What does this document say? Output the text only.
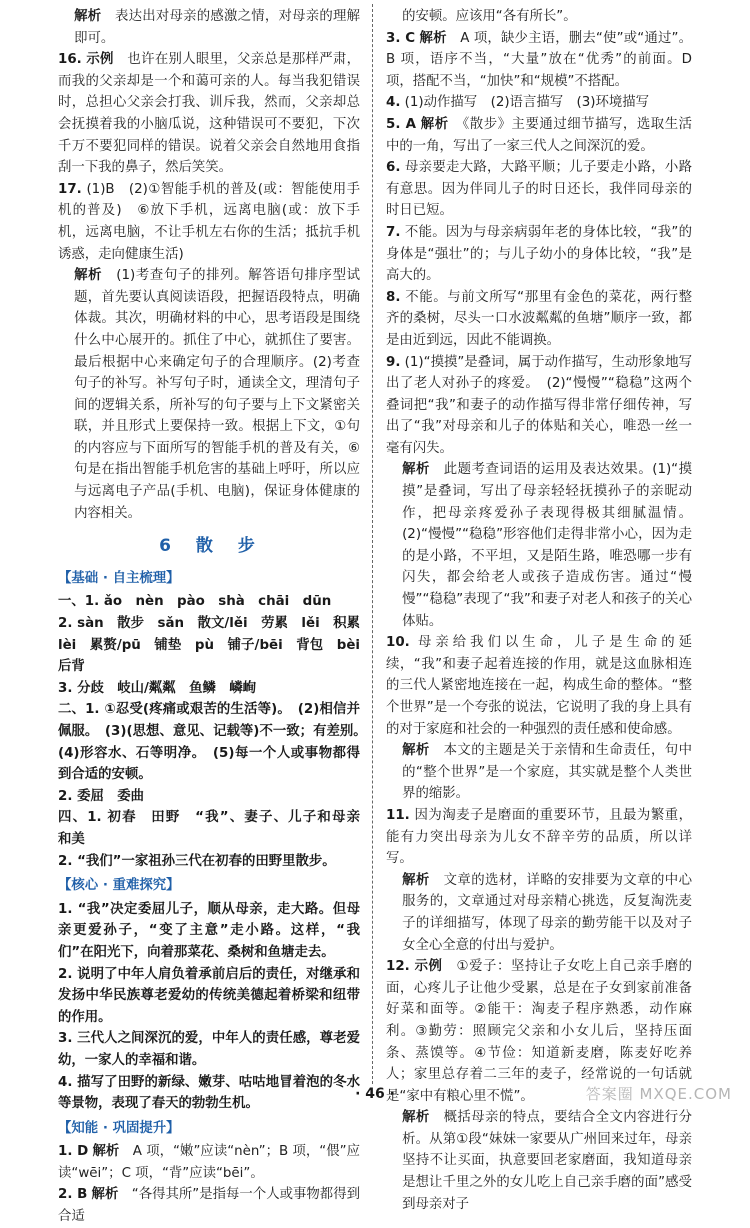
解析　 表达出对母亲的感激之情，对母亲的理解即可。

16. 示例　 也许在别人眼里，父亲总是那样严肃，而我的父亲却是一个和蔼可亲的人。每当我犯错误时，总担心父亲会打我、训斥我，然而，父亲却总会抚摸着我的小脑瓜说，这种错误可不要犯，下次千万不要犯同样的错误。说着父亲会自然地用食指刮一下我的鼻子，然后笑笑。

17. (1)B　(2)①智能手机的普及(或：智能使用手机的普及)　⑥放下手机，远离电脑(或：放下手机，远离电脑，不让手机左右你的生活；抵抗手机诱惑，走向健康生活)

解析　 (1)考查句子的排列。解答语句排序型试题，首先要认真阅读语段，把握语段特点，明确体裁。其次，明确材料的中心，思考语段是围绕什么中心展开的。抓住了中心，就抓住了要害。最后根据中心来确定句子的合理顺序。(2)考查句子的补写。补写句子时，通读全文，理清句子间的逻辑关系，所补写的句子要与上下文紧密关联，并且形式上要保持一致。根据上下文，①句的内容应与下面所写的智能手机的普及有关，⑥句是在指出智能手机危害的基础上呼吁，所以应与远离电子产品(手机、电脑)，保证身体健康的内容相关。

6　散　步
【基础 · 自主梳理】

一、1. ǎo　nèn　pào　shà　chāi　dūn

2. sàn　散步　sǎn　散文/lěi　劳累　lěi　积累　lèi　累赘/pū　铺垫　pù　铺子/bēi　背包　bèi　后背

3. 分歧　岐山/粼粼　鱼鳞　嶙峋

二、1. ①忍受(疼痛或艰苦的生活等)。　(2)相信并佩服。　(3)(思想、意见、记载等)不一致；有差别。　(4)形容水、石等明净。　(5)每一个人或事物都得到合适的安顿。

2. 委屈　委曲

四、1. 初春　田野　“我”、妻子、儿子和母亲　和美

2. “我们”一家祖孙三代在初春的田野里散步。

【核心 · 重难探究】

1. “我”决定委屈儿子，顺从母亲，走大路。但母亲更爱孙子，“变了主意”走小路。这样，“我们”在阳光下，向着那菜花、桑树和鱼塘走去。

2. 说明了中年人肩负着承前启后的责任，对继承和发扬中华民族尊老爱幼的传统美德起着桥梁和纽带的作用。

3. 三代人之间深沉的爱，中年人的责任感，尊老爱幼，一家人的幸福和谐。

4. 描写了田野的新绿、嫩芽、咕咕地冒着泡的冬水等景物，表现了春天的勃勃生机。

【知能 · 巩固提升】

1. D 解析　 A 项，“嫩”应读“nèn”；B 项，“偎”应读“wēi”；C 项，“背”应读“bēi”。

2. B 解析　 “各得其所”是指每一个人或事物都得到合适

的安顿。应该用“各有所长”。

3. C 解析　 A 项，缺少主语，删去“使”或“通过”。B 项，语序不当，“大量”放在“优秀”的前面。D 项，搭配不当，“加快”和“规模”不搭配。

4. (1)动作描写　(2)语言描写　(3)环境描写

5. A 解析　 《散步》主要通过细节描写，选取生活中的一角，写出了一家三代人之间深沉的爱。

6. 母亲要走大路，大路平顺；儿子要走小路，小路有意思。因为伴同儿子的时日还长，我伴同母亲的时日已短。

7. 不能。因为与母亲病弱年老的身体比较，“我”的身体是“强壮”的；与儿子幼小的身体比较，“我”是高大的。

8. 不能。与前文所写“那里有金色的菜花，两行整齐的桑树，尽头一口水波粼粼的鱼塘”顺序一致，都是由近到远，因此不能调换。

9. (1)“摸摸”是叠词，属于动作描写，生动形象地写出了老人对孙子的疼爱。　(2)“慢慢”“稳稳”这两个叠词把“我”和妻子的动作描写得非常仔细传神，写出了“我”对母亲和儿子的体贴和关心，唯恐一丝一毫有闪失。

解析　 此题考查词语的运用及表达效果。(1)“摸摸”是叠词，写出了母亲轻轻抚摸孙子的亲昵动作，把母亲疼爱孙子表现得极其细腻温情。(2)“慢慢”“稳稳”形容他们走得非常小心，因为走的是小路，不平坦，又是陌生路，唯恐哪一步有闪失，都会给老人或孩子造成伤害。通过“慢慢”“稳稳”表现了“我”和妻子对老人和孩子的关心体贴。

10. 母亲给我们以生命，儿子是生命的延续，“我”和妻子起着连接的作用，就是这血脉相连的三代人紧密地连接在一起，构成生命的整体。“整个世界”是一个夸张的说法，它说明了我的身上具有的对于家庭和社会的一种强烈的责任感和使命感。

解析　 本文的主题是关于亲情和生命责任，句中的“整个世界”是一个家庭，其实就是整个人类世界的缩影。

11. 因为淘麦子是磨面的重要环节，且最为繁重，能有力突出母亲为儿女不辞辛劳的品质，所以详写。

解析　 文章的选材，详略的安排要为文章的中心服务的，文章通过对母亲精心挑选，反复淘洗麦子的详细描写，体现了母亲的勤劳能干以及对子女全心全意的付出与爱护。

12. 示例　 ①爱子：坚持让子女吃上自己亲手磨的面，心疼儿子让他少受累，总是在子女到家前准备好菜和面等。②能干：淘麦子程序熟悉，动作麻利。③勤劳：照顾完父亲和小女儿后，坚持压面条、蒸馍等。④节俭：知道新麦磨，陈麦好吃养人；家里总存着二三年的麦子，经常说的一句话就是“家中有粮心里不慌”。

解析　 概括母亲的特点，要结合全文内容进行分析。从第①段“妹妹一家要从广州回来过年，母亲坚持不让买面，执意要回老家磨面，我知道母亲是想让千里之外的女儿吃上自己亲手磨的面”感受到母亲对子

· 46 ·	答案圈 MXQE.COM
